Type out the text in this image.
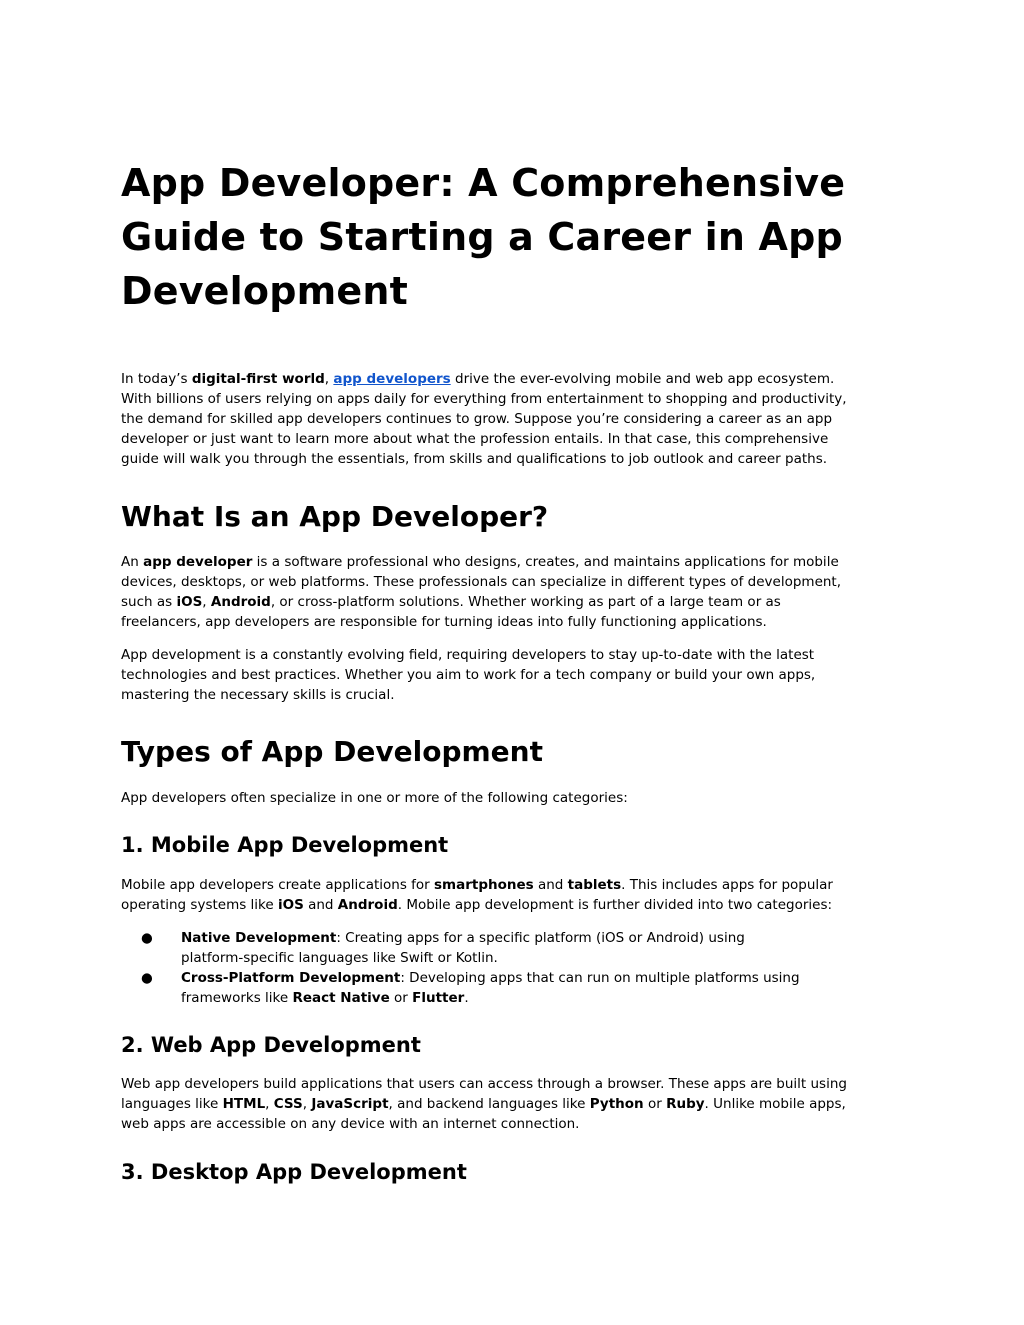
App Developer: A Comprehensive
Guide to Starting a Career in App
Development
In today’s digital-first world, app developers drive the ever-evolving mobile and web app ecosystem.
With billions of users relying on apps daily for everything from entertainment to shopping and productivity,
the demand for skilled app developers continues to grow. Suppose you’re considering a career as an app
developer or just want to learn more about what the profession entails. In that case, this comprehensive
guide will walk you through the essentials, from skills and qualifications to job outlook and career paths.
What Is an App Developer?
An app developer is a software professional who designs, creates, and maintains applications for mobile
devices, desktops, or web platforms. These professionals can specialize in different types of development,
such as iOS, Android, or cross-platform solutions. Whether working as part of a large team or as
freelancers, app developers are responsible for turning ideas into fully functioning applications.
App development is a constantly evolving field, requiring developers to stay up-to-date with the latest
technologies and best practices. Whether you aim to work for a tech company or build your own apps,
mastering the necessary skills is crucial.
Types of App Development
App developers often specialize in one or more of the following categories:
1. Mobile App Development
Mobile app developers create applications for smartphones and tablets. This includes apps for popular
operating systems like iOS and Android. Mobile app development is further divided into two categories:
● Native Development: Creating apps for a specific platform (iOS or Android) using
platform-specific languages like Swift or Kotlin.
● Cross-Platform Development: Developing apps that can run on multiple platforms using
frameworks like React Native or Flutter.
2. Web App Development
Web app developers build applications that users can access through a browser. These apps are built using
languages like HTML, CSS, JavaScript, and backend languages like Python or Ruby. Unlike mobile apps,
web apps are accessible on any device with an internet connection.
3. Desktop App Development
